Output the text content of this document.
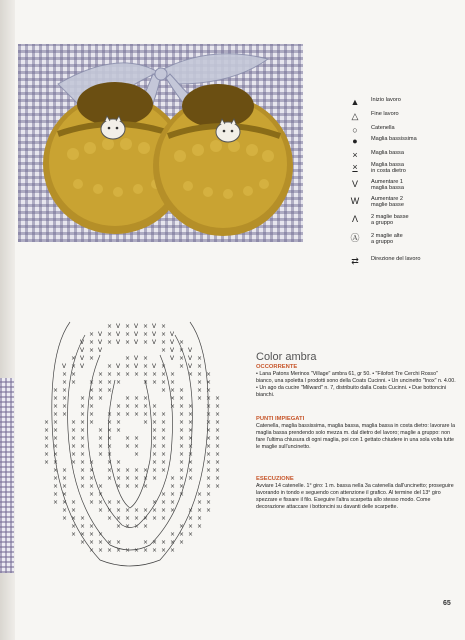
▲	Inizio lavoro
△	Fine lavoro
○	Catenella
●	Maglia bassissima
×	Maglia bassa
×	Maglia bassa
in costa dietro
V	Aumentare 1
maglia bassa
W	Aumentare 2
maglie basse
Λ	2 maglie basse
a gruppo
Ⓐ	2 maglie alte
a gruppo
⇄	Direzione del lavoro
× V × V × V ×
× V × V × V × V × V
V × V × V × V × V × V ×
V × V	× V × V
× V ×	× V ×	V × V ×
V × V	× V × V × V × × V ×
× ×	× × × × × × × × × × × ×
× × × × × ×	× × × ×	× ×
× ×	× × ×	× × × × ×
× × × × ×	× × ×	× × × × ×
× × × ×	× × × × × × × × × ×
× × × × × × × × × × × × × × ×
× × × × × × ×	× × × × × × ×
× × × × × × ×	× × × × × ×
× × × × × × × × × × × × × ×
× × × × × × × × × × × × × ×
× × × × × ×	× × × × × × ×
× × × × × × ×	× × × × × ×
× × × × × × × × × × × × × × ×
× × × × × × × × × × × × × × ×
× × × × × × × × ×	× ×	× ×
× ×	× ×	× × × × ×
× × × × × × ×	× × ×	× ×
× ×	× × × × × × × × × × × ×
× × ×	× × × × × × ×	× ×
× × ×	× × × ×	× × ×
× × × ×	× × ×
× × × × ×	× × × × ×
× × × × × × × × × ×
Color ambra
OCCORRENTE
• Lana Patons Merinos "Village" ambra 61, gr 50. • "Filofort Tre Cerchi Rosso" bianco, una spoletta l prodotti sono della Coats Cucinni. • Un uncinetto "Inox" n. 4.00. • Un ago da cucire "Milward" n. 7, distribuito dalla Coats Cucinni. • Due bottoncini bianchi.
PUNTI IMPIEGATI
Catenella, maglia bassissima, maglia bassa, maglia bassa in costa dietro: lavorare la maglia bassa prendendo solo mezza m. dal dietro del lavoro; maglie a gruppo: non fare l'ultima chiusura di ogni maglia, poi con 1 gettato chiudere in una sola volta tutte le maglie sull'uncinetto.
ESECUZIONE
Avviare 14 catenelle. 1° giro: 1 m. bassa nella 3a catenella dall'uncinetto; proseguire lavorando in tondo e seguendo con attenzione il grafico. Al termine del 13° giro spezzare e fissare il filo. Eseguire l'altra scarpetta allo stesso modo. Come decorazione attaccare i bottoncini su davanti delle scarpette.
65
